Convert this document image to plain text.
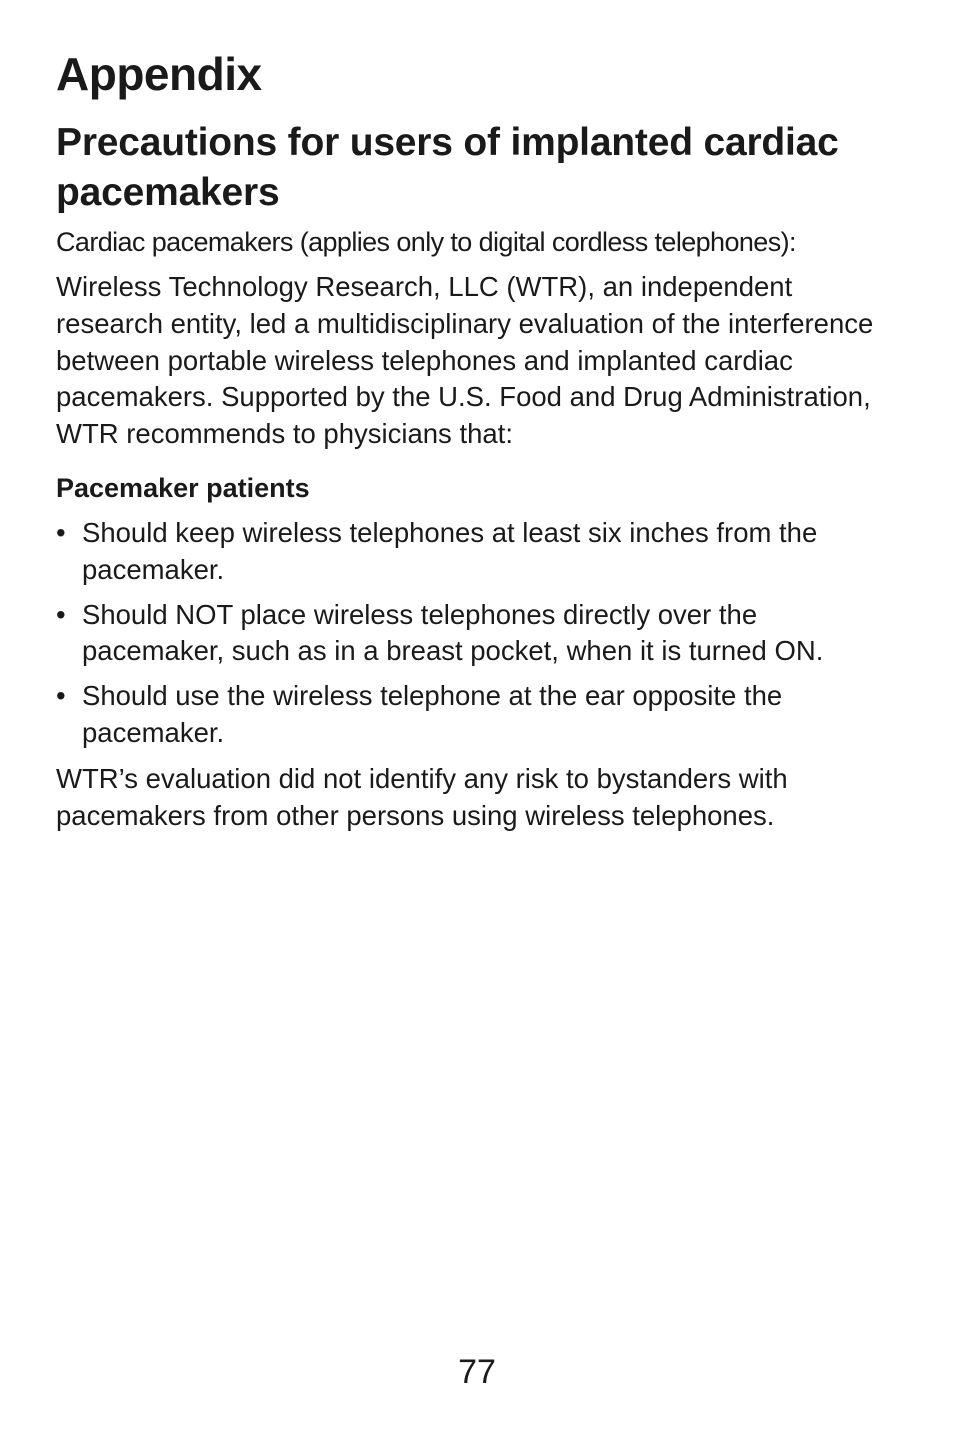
Appendix
Precautions for users of implanted cardiac pacemakers

Cardiac pacemakers (applies only to digital cordless telephones):

Wireless Technology Research, LLC (WTR), an independent research entity, led a multidisciplinary evaluation of the interference between portable wireless telephones and implanted cardiac pacemakers. Supported by the U.S. Food and Drug Administration, WTR recommends to physicians that:

Pacemaker patients
• Should keep wireless telephones at least six inches from the pacemaker.
• Should NOT place wireless telephones directly over the pacemaker, such as in a breast pocket, when it is turned ON.
• Should use the wireless telephone at the ear opposite the pacemaker.

WTR’s evaluation did not identify any risk to bystanders with pacemakers from other persons using wireless telephones.

77
